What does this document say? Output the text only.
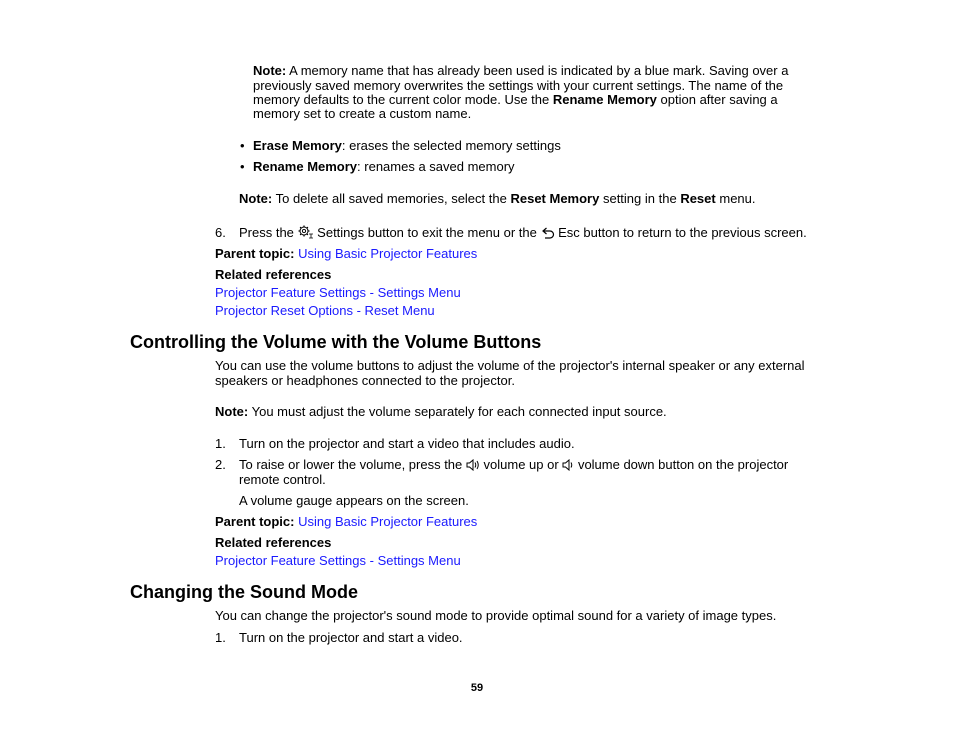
Note: A memory name that has already been used is indicated by a blue mark. Saving over a
previously saved memory overwrites the settings with your current settings. The name of the
memory defaults to the current color mode. Use the Rename Memory option after saving a
memory set to create a custom name.
• Erase Memory: erases the selected memory settings
• Rename Memory: renames a saved memory
Note: To delete all saved memories, select the Reset Memory setting in the Reset menu.
6. Press the Settings button to exit the menu or the Esc button to return to the previous screen.
Parent topic: Using Basic Projector Features
Related references
Projector Feature Settings - Settings Menu
Projector Reset Options - Reset Menu
Controlling the Volume with the Volume Buttons
You can use the volume buttons to adjust the volume of the projector's internal speaker or any external
speakers or headphones connected to the projector.
Note: You must adjust the volume separately for each connected input source.
1. Turn on the projector and start a video that includes audio.
2. To raise or lower the volume, press the volume up or volume down button on the projector
remote control.
A volume gauge appears on the screen.
Parent topic: Using Basic Projector Features
Related references
Projector Feature Settings - Settings Menu
Changing the Sound Mode
You can change the projector's sound mode to provide optimal sound for a variety of image types.
1. Turn on the projector and start a video.
59
